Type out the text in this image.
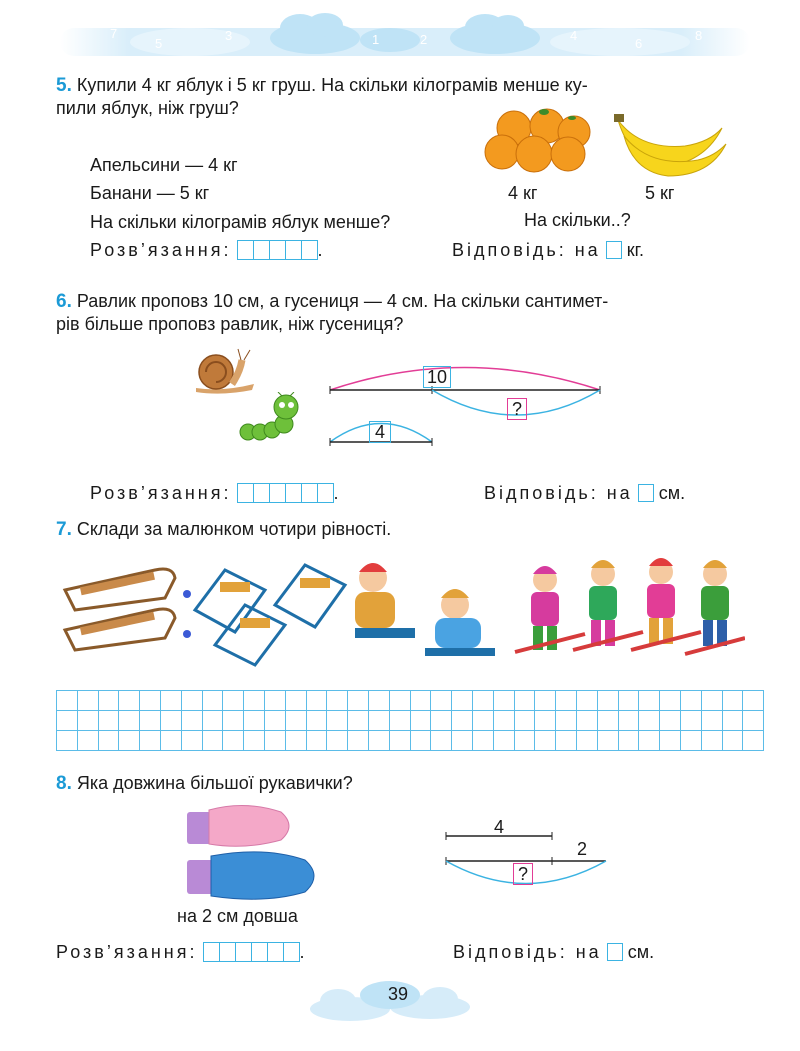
7
5
3	1
0
2	4
6
8
5. Купили 4 кг яблук і 5 кг груш. На скільки кілограмів менше ку-
пили яблук, ніж груш?
Апельсини — 4 кг
Банани — 5 кг
На скільки кілограмів яблук менше?
4 кг	5 кг
На скільки..?
Розв’язання:	.	Відповідь: на кг.
6. Равлик проповз 10 см, а гусениця — 4 см. На скільки сантимет-
рів більше проповз равлик, ніж гусениця?
10
?
4
Розв’язання:	.	Відповідь: на см.
7. Склади за малюнком чотири рівності.

8. Яка довжина більшої рукавички?
на 2 см довша
4
2
?
Розв’язання:	.	Відповідь: на см.
39
